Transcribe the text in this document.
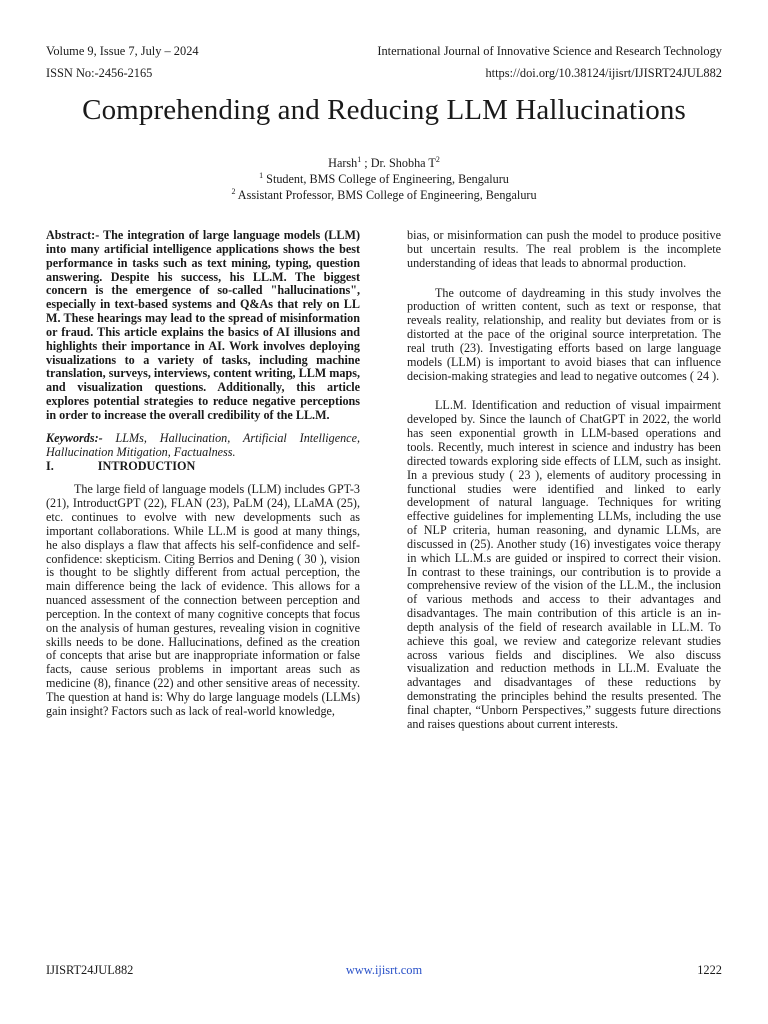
Volume 9, Issue 7, July – 2024	International Journal of Innovative Science and Research Technology
ISSN No:-2456-2165	https://doi.org/10.38124/ijisrt/IJISRT24JUL882
Comprehending and Reducing LLM Hallucinations
Harsh$^1$ ; Dr. Shobha $T^2$
$^1$ Student, BMS College of Engineering, Bengaluru
$^2$ Assistant Professor, BMS College of Engineering, Bengaluru

Abstract:- The integration of large language models (LLM) into many artificial intelligence applications shows the best performance in tasks such as text mining, typing, question answering. Despite his success, his LL.M. The biggest concern is the emergence of so-called "hallucinations", especially in text-based systems and Q&As that rely on LL M. These hearings may lead to the spread of misinformation or fraud. This article explains the basics of AI illusions and highlights their importance in AI. Work involves deploying visualizations to a variety of tasks, including machine translation, surveys, interviews, content writing, LLM maps, and visualization questions. Additionally, this article explores potential strategies to reduce negative perceptions in order to increase the overall credibility of the LL.M.

Keywords:- LLMs, Hallucination, Artificial Intelligence, Hallucination Mitigation, Factualness.

I.	INTRODUCTION

The large field of language models (LLM) includes GPT-3 (21), IntroductGPT (22), FLAN (23), PaLM (24), LLaMA (25), etc. continues to evolve with new developments such as important collaborations. While LL.M is good at many things, he also displays a flaw that affects his self-confidence and self-confidence: skepticism. Citing Berrios and Dening ( 30 ), vision is thought to be slightly different from actual perception, the main difference being the lack of evidence. This allows for a nuanced assessment of the connection between perception and perception. In the context of many cognitive concepts that focus on the analysis of human gestures, revealing vision in cognitive skills needs to be done. Hallucinations, defined as the creation of concepts that arise but are inappropriate information or false facts, cause serious problems in important areas such as medicine (8), finance (22) and other sensitive areas of necessity. The question at hand is: Why do large language models (LLMs) gain insight? Factors such as lack of real-world knowledge,

bias, or misinformation can push the model to produce positive but uncertain results. The real problem is the incomplete understanding of ideas that leads to abnormal production.

The outcome of daydreaming in this study involves the production of written content, such as text or response, that reveals reality, relationship, and reality but deviates from or is distorted at the pace of the original source interpretation. The real truth (23). Investigating efforts based on large language models (LLM) is important to avoid biases that can influence decision-making strategies and lead to negative outcomes ( 24 ).

LL.M. Identification and reduction of visual impairment developed by. Since the launch of ChatGPT in 2022, the world has seen exponential growth in LLM-based operations and tools. Recently, much interest in science and industry has been directed towards exploring side effects of LLM, such as insight. In a previous study ( 23 ), elements of auditory processing in functional studies were identified and linked to early development of natural language. Techniques for writing effective guidelines for implementing LLMs, including the use of NLP criteria, human reasoning, and dynamic LLMs, are discussed in (25). Another study (16) investigates voice therapy in which LL.M.s are guided or inspired to correct their vision. In contrast to these trainings, our contribution is to provide a comprehensive review of the vision of the LL.M., the inclusion of various methods and access to their advantages and disadvantages. The main contribution of this article is an in-depth analysis of the field of research available in LL.M. To achieve this goal, we review and categorize relevant studies across various fields and disciplines. We also discuss visualization and reduction methods in LL.M. Evaluate the advantages and disadvantages of these reductions by demonstrating the principles behind the results presented. The final chapter, “Unborn Perspectives,” suggests future directions and raises questions about current interests.

IJISRT24JUL882	www.ijisrt.com	1222
